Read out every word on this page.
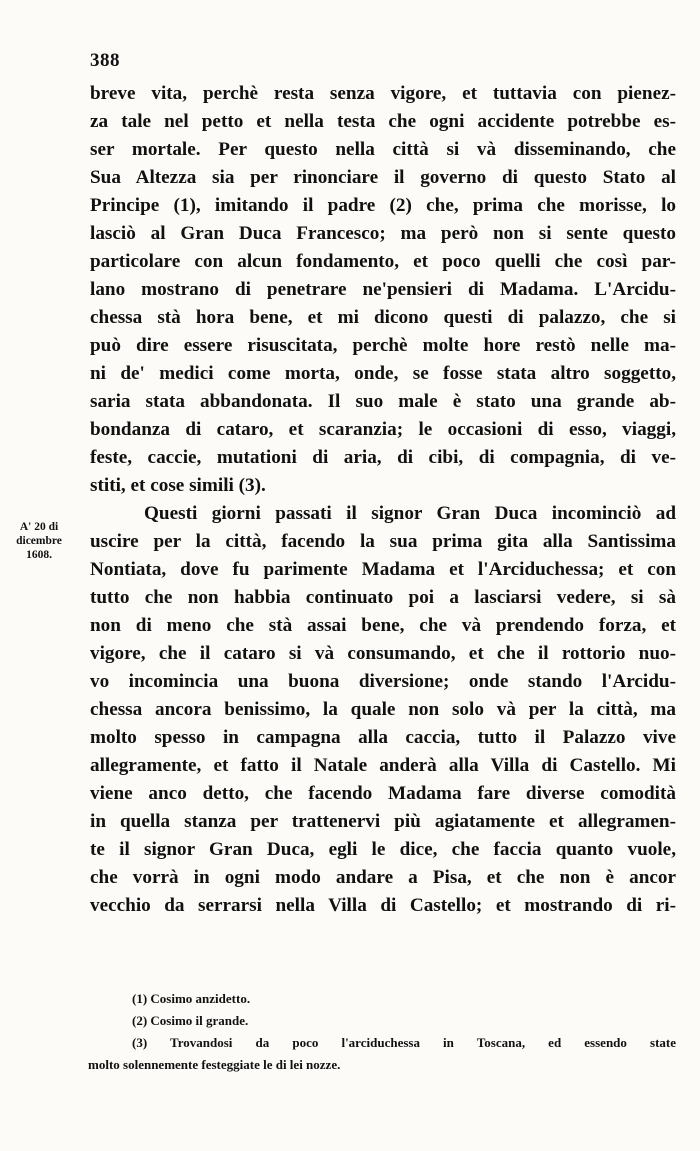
388
A' 20 di
dicembre
1608.
breve vita, perchè resta senza vigore, et tuttavia con pienez-
za tale nel petto et nella testa che ogni accidente potrebbe es-
ser mortale. Per questo nella città si và disseminando, che
Sua Altezza sia per rinonciare il governo di questo Stato al
Principe (1), imitando il padre (2) che, prima che morisse, lo
lasciò al Gran Duca Francesco; ma però non si sente questo
particolare con alcun fondamento, et poco quelli che così par-
lano mostrano di penetrare ne'pensieri di Madama. L'Arcidu-
chessa stà hora bene, et mi dicono questi di palazzo, che si
può dire essere risuscitata, perchè molte hore restò nelle ma-
ni de' medici come morta, onde, se fosse stata altro soggetto,
saria stata abbandonata. Il suo male è stato una grande ab-
bondanza di cataro, et scaranzia; le occasioni di esso, viaggi,
feste, caccie, mutationi di aria, di cibi, di compagnia, di ve-
stiti, et cose simili (3).
Questi giorni passati il signor Gran Duca incominciò ad
uscire per la città, facendo la sua prima gita alla Santissima
Nontiata, dove fu parimente Madama et l'Arciduchessa; et con
tutto che non habbia continuato poi a lasciarsi vedere, si sà
non di meno che stà assai bene, che và prendendo forza, et
vigore, che il cataro si và consumando, et che il rottorio nuo-
vo incomincia una buona diversione; onde stando l'Arcidu-
chessa ancora benissimo, la quale non solo và per la città, ma
molto spesso in campagna alla caccia, tutto il Palazzo vive
allegramente, et fatto il Natale anderà alla Villa di Castello. Mi
viene anco detto, che facendo Madama fare diverse comodità
in quella stanza per trattenervi più agiatamente et allegramen-
te il signor Gran Duca, egli le dice, che faccia quanto vuole,
che vorrà in ogni modo andare a Pisa, et che non è ancor
vecchio da serrarsi nella Villa di Castello; et mostrando di ri-
(1) Cosimo anzidetto.
(2) Cosimo il grande.
(3) Trovandosi da poco l'arciduchessa in Toscana, ed essendo state
molto solennemente festeggiate le di lei nozze.
